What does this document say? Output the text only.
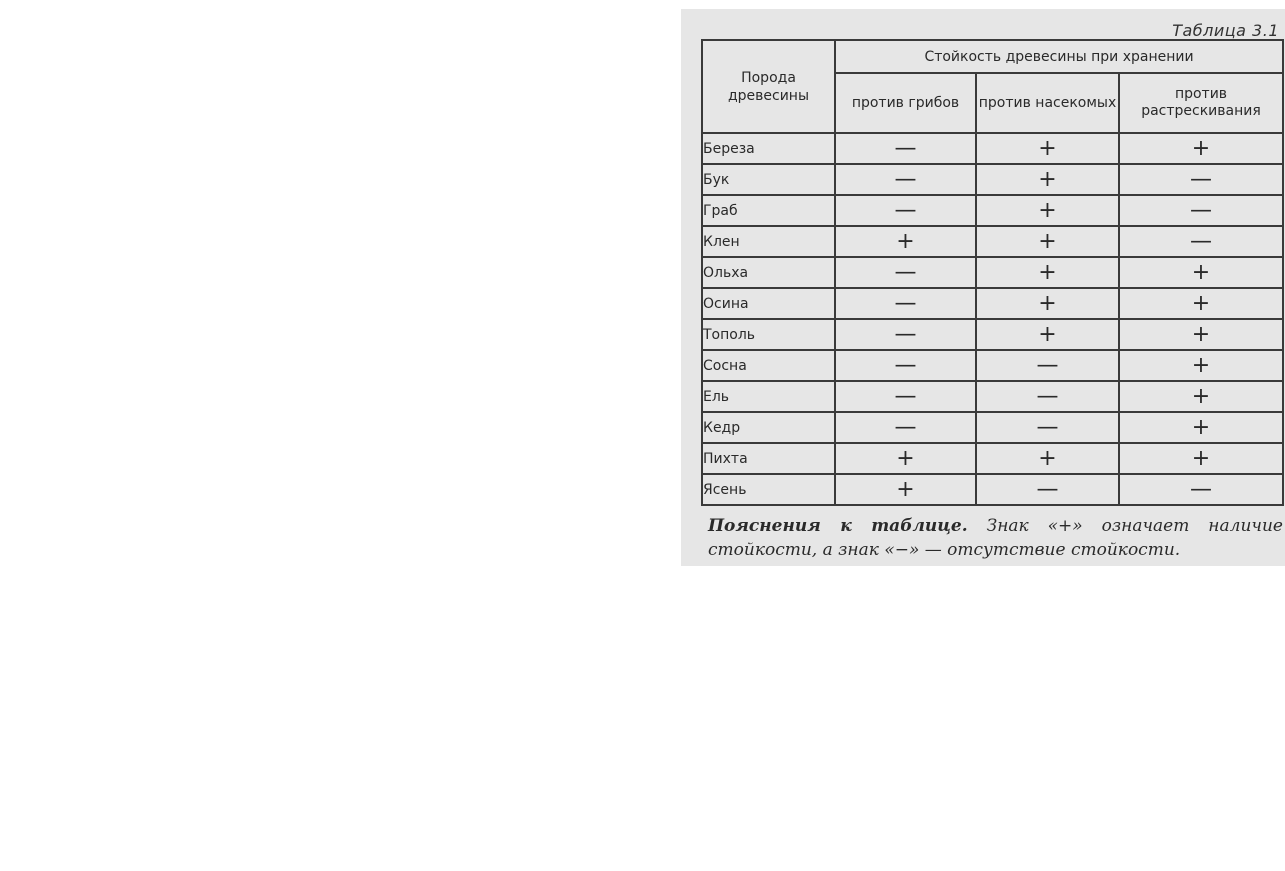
Таблица 3.1
Порода древесины	Стойкость древесины при хранении		
	против грибов	против насекомых	против растрескивания
Береза	—	+	+
Бук	—	+	—
Граб	—	+	—
Клен	+	+	—
Ольха	—	+	+
Осина	—	+	+
Тополь	—	+	+
Сосна	—	—	+
Ель	—	—	+
Кедр	—	—	+
Пихта	+	+	+
Ясень	+	—	—
Пояснения к таблице. Знак «+» означает наличие стойкости, а знак «−» — отсутствие стойкости.
